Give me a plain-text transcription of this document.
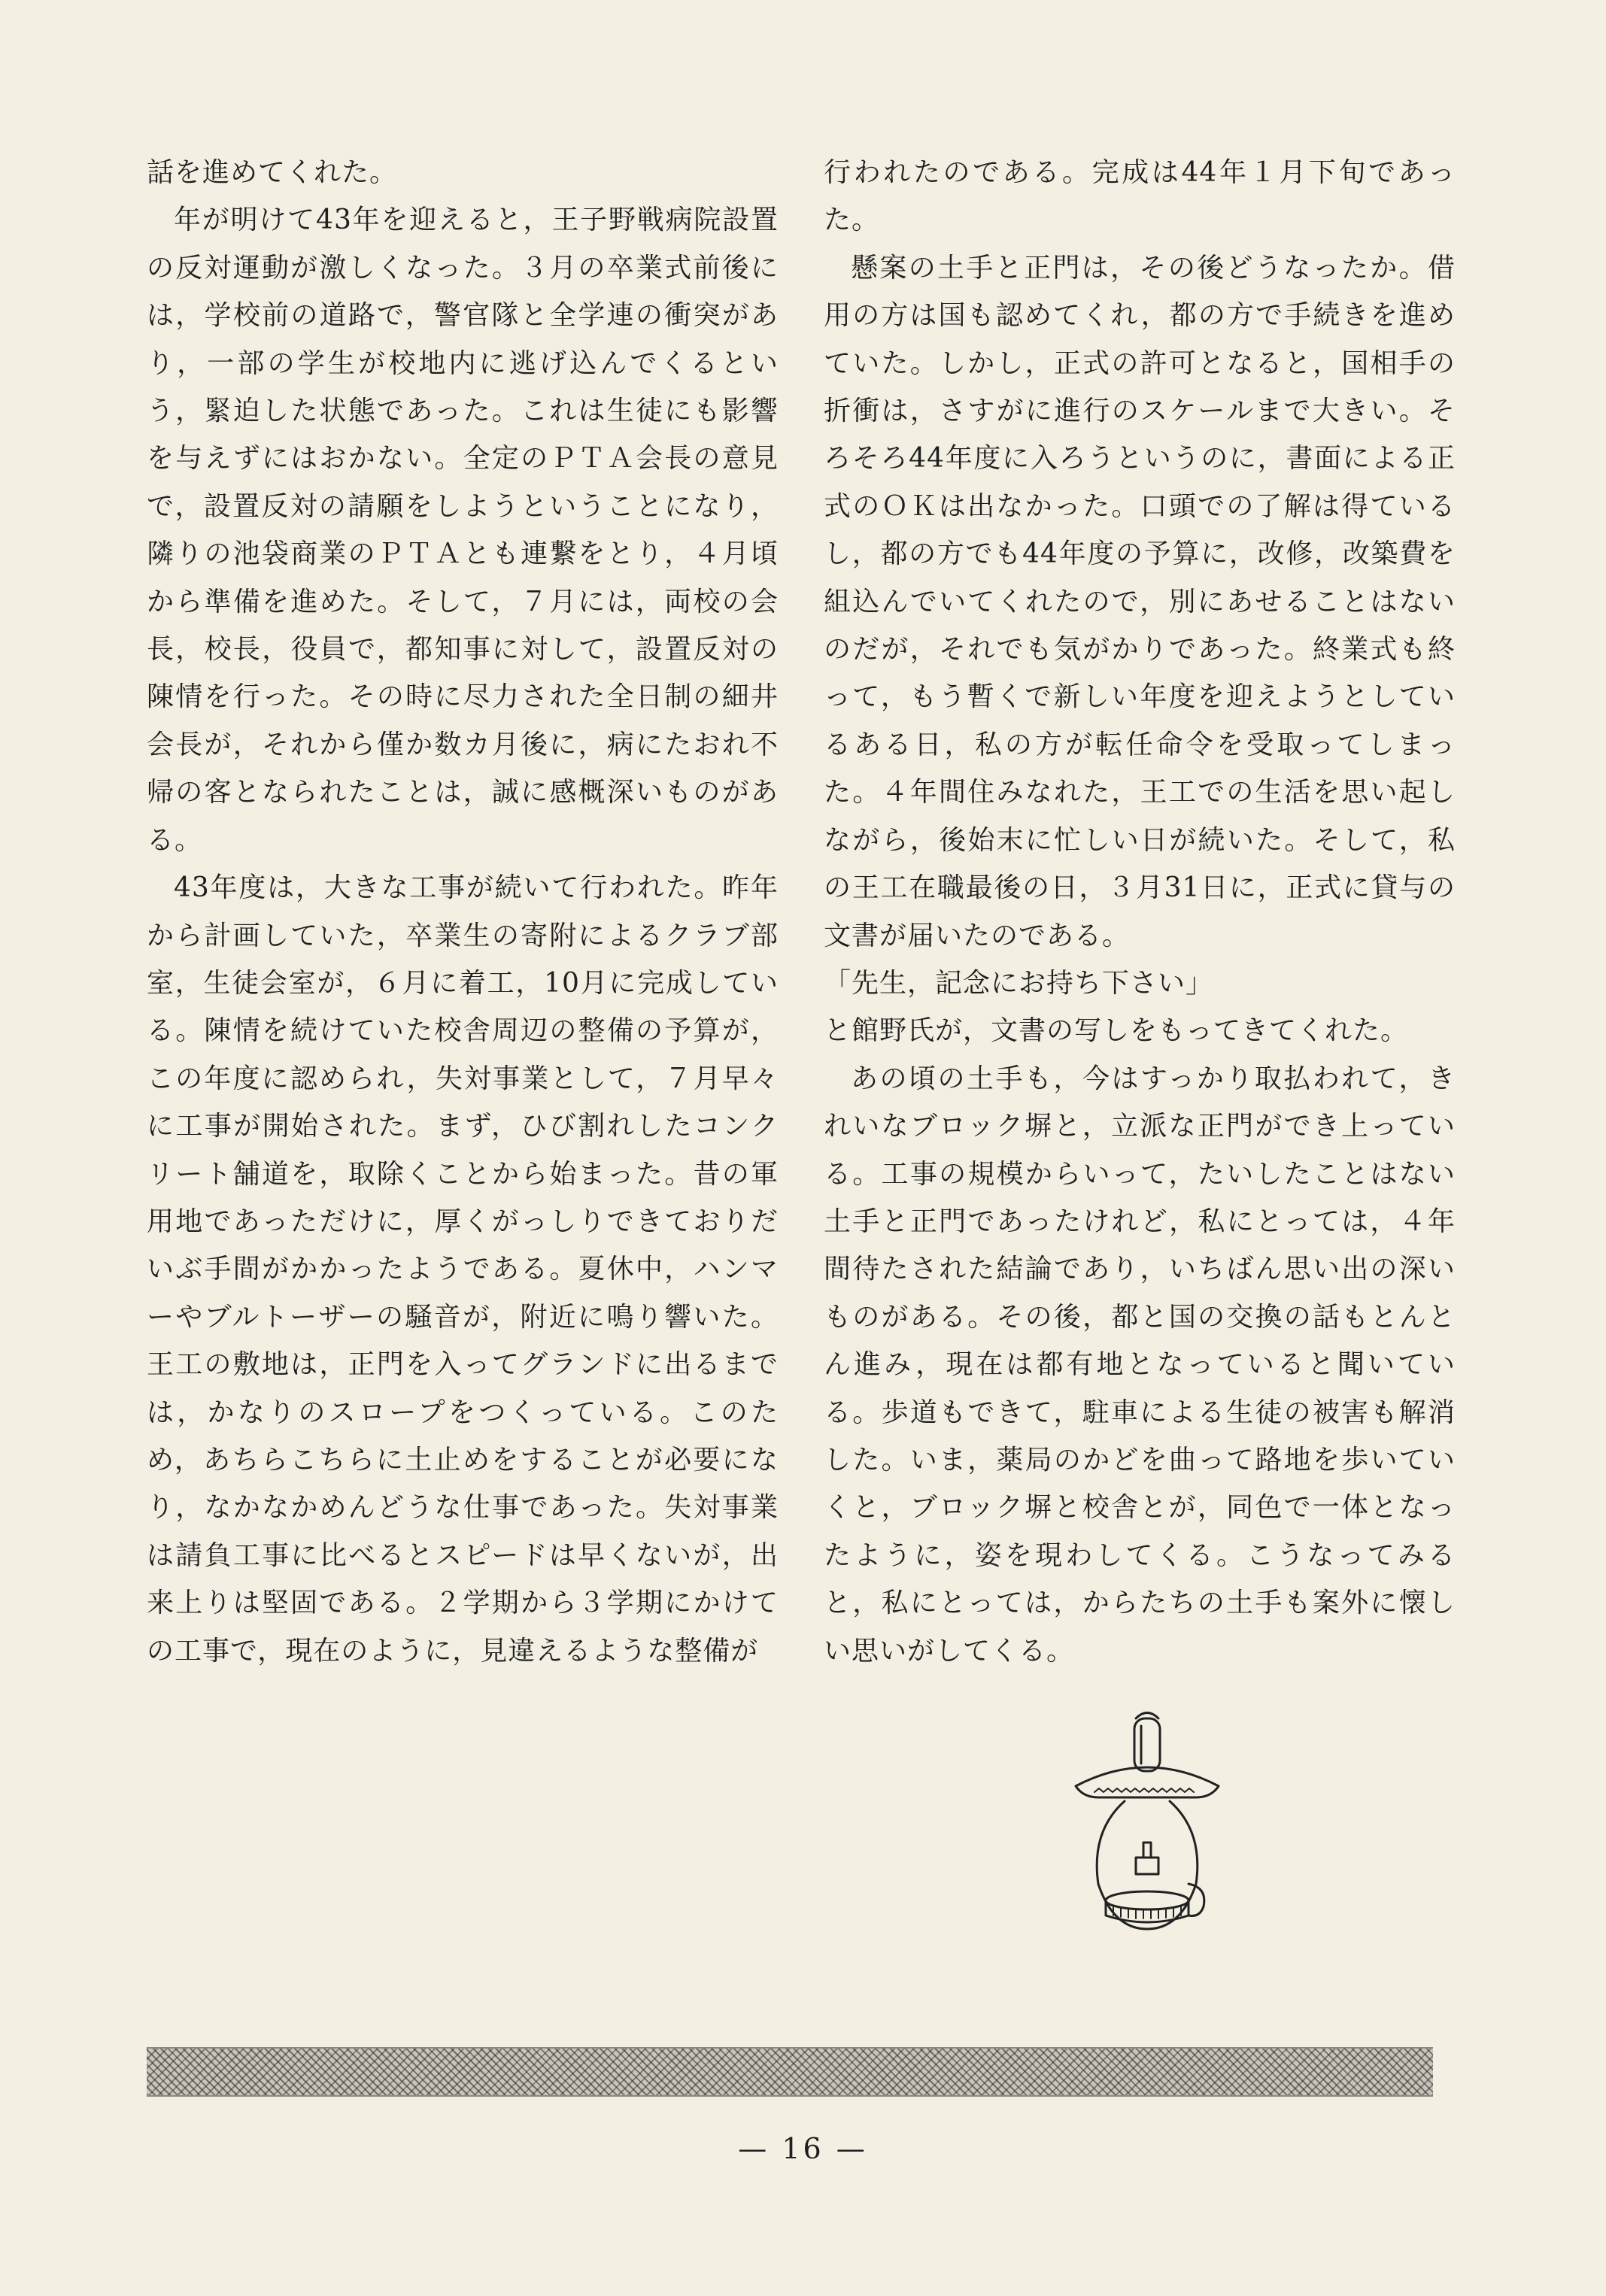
話を進めてくれた。

年が明けて43年を迎えると，王子野戦病院設置の反対運動が激しくなった。３月の卒業式前後には，学校前の道路で，警官隊と全学連の衝突があり，一部の学生が校地内に逃げ込んでくるという，緊迫した状態であった。これは生徒にも影響を与えずにはおかない。全定のＰＴＡ会長の意見で，設置反対の請願をしようということになり，隣りの池袋商業のＰＴＡとも連繋をとり，４月頃から準備を進めた。そして，７月には，両校の会長，校長，役員で，都知事に対して，設置反対の陳情を行った。その時に尽力された全日制の細井会長が，それから僅か数カ月後に，病にたおれ不帰の客となられたことは，誠に感概深いものがある。

43年度は，大きな工事が続いて行われた。昨年から計画していた，卒業生の寄附によるクラブ部室，生徒会室が，６月に着工，10月に完成している。陳情を続けていた校舎周辺の整備の予算が，この年度に認められ，失対事業として，７月早々に工事が開始された。まず，ひび割れしたコンクリート舗道を，取除くことから始まった。昔の軍用地であっただけに，厚くがっしりできておりだいぶ手間がかかったようである。夏休中，ハンマーやブルトーザーの騒音が，附近に鳴り響いた。王工の敷地は，正門を入ってグランドに出るまでは，かなりのスロープをつくっている。このため，あちらこちらに土止めをすることが必要になり，なかなかめんどうな仕事であった。失対事業は請負工事に比べるとスピードは早くないが，出来上りは堅固である。２学期から３学期にかけての工事で，現在のように，見違えるような整備が

行われたのである。完成は44年１月下旬であった。

懸案の土手と正門は，その後どうなったか。借用の方は国も認めてくれ，都の方で手続きを進めていた。しかし，正式の許可となると，国相手の折衝は，さすがに進行のスケールまで大きい。そろそろ44年度に入ろうというのに，書面による正式のＯＫは出なかった。口頭での了解は得ているし，都の方でも44年度の予算に，改修，改築費を組込んでいてくれたので，別にあせることはないのだが，それでも気がかりであった。終業式も終って，もう暫くで新しい年度を迎えようとしているある日，私の方が転任命令を受取ってしまった。４年間住みなれた，王工での生活を思い起しながら，後始末に忙しい日が続いた。そして，私の王工在職最後の日，３月31日に，正式に貸与の文書が届いたのである。

「先生，記念にお持ち下さい」

と館野氏が，文書の写しをもってきてくれた。

あの頃の土手も，今はすっかり取払われて，きれいなブロック塀と，立派な正門ができ上っている。工事の規模からいって，たいしたことはない土手と正門であったけれど，私にとっては，４年間待たされた結論であり，いちばん思い出の深いものがある。その後，都と国の交換の話もとんとん進み，現在は都有地となっていると聞いている。歩道もできて，駐車による生徒の被害も解消した。いま，薬局のかどを曲って路地を歩いていくと，ブロック塀と校舎とが，同色で一体となったように，姿を現わしてくる。こうなってみると，私にとっては，からたちの土手も案外に懐しい思いがしてくる。

— 16 —
